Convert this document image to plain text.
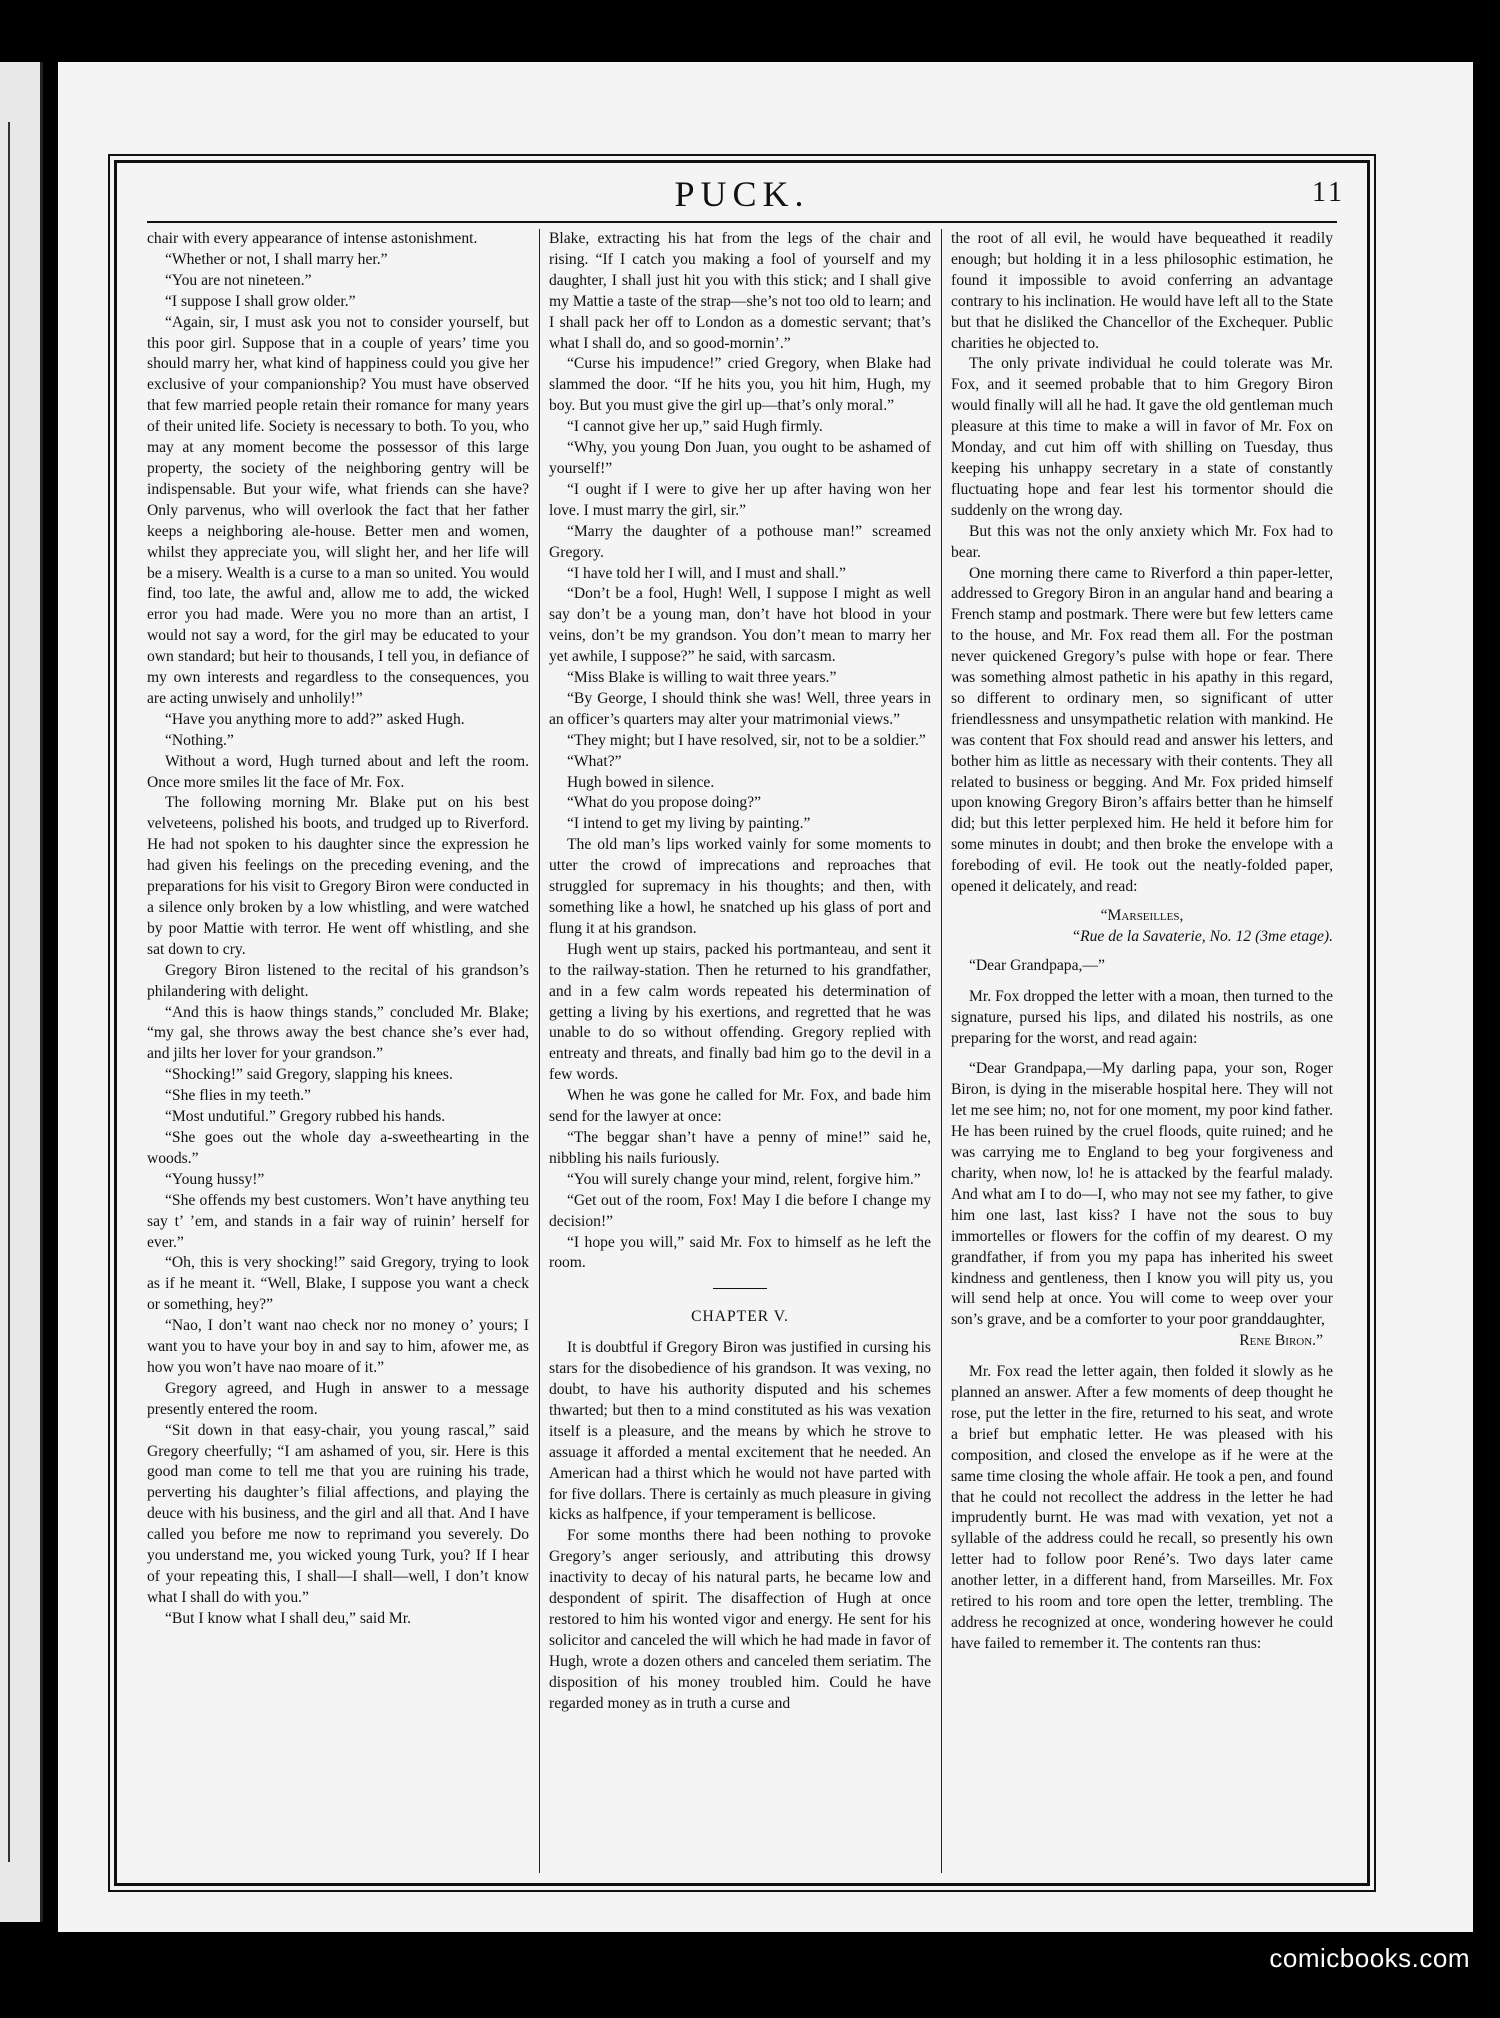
PUCK.	11

chair with every appearance of intense astonishment.

“Whether or not, I shall marry her.”

“You are not nineteen.”

“I suppose I shall grow older.”

“Again, sir, I must ask you not to consider yourself, but this poor girl. Suppose that in a couple of years’ time you should marry her, what kind of happiness could you give her exclusive of your companionship? You must have observed that few married people retain their romance for many years of their united life. Society is necessary to both. To you, who may at any moment become the possessor of this large property, the society of the neighboring gentry will be indispensable. But your wife, what friends can she have? Only parvenus, who will overlook the fact that her father keeps a neighboring ale-house. Better men and women, whilst they appreciate you, will slight her, and her life will be a misery. Wealth is a curse to a man so united. You would find, too late, the awful and, allow me to add, the wicked error you had made. Were you no more than an artist, I would not say a word, for the girl may be educated to your own standard; but heir to thousands, I tell you, in defiance of my own interests and regardless to the consequences, you are acting unwisely and unholily!”

“Have you anything more to add?” asked Hugh.

“Nothing.”

Without a word, Hugh turned about and left the room. Once more smiles lit the face of Mr. Fox.

The following morning Mr. Blake put on his best velveteens, polished his boots, and trudged up to Riverford. He had not spoken to his daughter since the expression he had given his feelings on the preceding evening, and the preparations for his visit to Gregory Biron were conducted in a silence only broken by a low whistling, and were watched by poor Mattie with terror. He went off whistling, and she sat down to cry.

Gregory Biron listened to the recital of his grandson’s philandering with delight.

“And this is haow things stands,” concluded Mr. Blake; “my gal, she throws away the best chance she’s ever had, and jilts her lover for your grandson.”

“Shocking!” said Gregory, slapping his knees.

“She flies in my teeth.”

“Most undutiful.” Gregory rubbed his hands.

“She goes out the whole day a-sweethearting in the woods.”

“Young hussy!”

“She offends my best customers. Won’t have anything teu say t’ ’em, and stands in a fair way of ruinin’ herself for ever.”

“Oh, this is very shocking!” said Gregory, trying to look as if he meant it. “Well, Blake, I suppose you want a check or something, hey?”

“Nao, I don’t want nao check nor no money o’ yours; I want you to have your boy in and say to him, afower me, as how you won’t have nao moare of it.”

Gregory agreed, and Hugh in answer to a message presently entered the room.

“Sit down in that easy-chair, you young rascal,” said Gregory cheerfully; “I am ashamed of you, sir. Here is this good man come to tell me that you are ruining his trade, perverting his daughter’s filial affections, and playing the deuce with his business, and the girl and all that. And I have called you before me now to reprimand you severely. Do you understand me, you wicked young Turk, you? If I hear of your repeating this, I shall—I shall—well, I don’t know what I shall do with you.”

“But I know what I shall deu,” said Mr.

Blake, extracting his hat from the legs of the chair and rising. “If I catch you making a fool of yourself and my daughter, I shall just hit you with this stick; and I shall give my Mattie a taste of the strap—she’s not too old to learn; and I shall pack her off to London as a domestic servant; that’s what I shall do, and so good-mornin’.”

“Curse his impudence!” cried Gregory, when Blake had slammed the door. “If he hits you, you hit him, Hugh, my boy. But you must give the girl up—that’s only moral.”

“I cannot give her up,” said Hugh firmly.

“Why, you young Don Juan, you ought to be ashamed of yourself!”

“I ought if I were to give her up after having won her love. I must marry the girl, sir.”

“Marry the daughter of a pothouse man!” screamed Gregory.

“I have told her I will, and I must and shall.”

“Don’t be a fool, Hugh! Well, I suppose I might as well say don’t be a young man, don’t have hot blood in your veins, don’t be my grandson. You don’t mean to marry her yet awhile, I suppose?” he said, with sarcasm.

“Miss Blake is willing to wait three years.”

“By George, I should think she was! Well, three years in an officer’s quarters may alter your matrimonial views.”

“They might; but I have resolved, sir, not to be a soldier.”

“What?”

Hugh bowed in silence.

“What do you propose doing?”

“I intend to get my living by painting.”

The old man’s lips worked vainly for some moments to utter the crowd of imprecations and reproaches that struggled for supremacy in his thoughts; and then, with something like a howl, he snatched up his glass of port and flung it at his grandson.

Hugh went up stairs, packed his portmanteau, and sent it to the railway-station. Then he returned to his grandfather, and in a few calm words repeated his determination of getting a living by his exertions, and regretted that he was unable to do so without offending. Gregory replied with entreaty and threats, and finally bad him go to the devil in a few words.

When he was gone he called for Mr. Fox, and bade him send for the lawyer at once:

“The beggar shan’t have a penny of mine!” said he, nibbling his nails furiously.

“You will surely change your mind, relent, forgive him.”

“Get out of the room, Fox! May I die before I change my decision!”

“I hope you will,” said Mr. Fox to himself as he left the room.

CHAPTER V.

It is doubtful if Gregory Biron was justified in cursing his stars for the disobedience of his grandson. It was vexing, no doubt, to have his authority disputed and his schemes thwarted; but then to a mind constituted as his was vexation itself is a pleasure, and the means by which he strove to assuage it afforded a mental excitement that he needed. An American had a thirst which he would not have parted with for five dollars. There is certainly as much pleasure in giving kicks as halfpence, if your temperament is bellicose.

For some months there had been nothing to provoke Gregory’s anger seriously, and attributing this drowsy inactivity to decay of his natural parts, he became low and despondent of spirit. The disaffection of Hugh at once restored to him his wonted vigor and energy. He sent for his solicitor and canceled the will which he had made in favor of Hugh, wrote a dozen others and canceled them seriatim. The disposition of his money troubled him. Could he have regarded money as in truth a curse and

the root of all evil, he would have bequeathed it readily enough; but holding it in a less philosophic estimation, he found it impossible to avoid conferring an advantage contrary to his inclination. He would have left all to the State but that he disliked the Chancellor of the Exchequer. Public charities he objected to.

The only private individual he could tolerate was Mr. Fox, and it seemed probable that to him Gregory Biron would finally will all he had. It gave the old gentleman much pleasure at this time to make a will in favor of Mr. Fox on Monday, and cut him off with shilling on Tuesday, thus keeping his unhappy secretary in a state of constantly fluctuating hope and fear lest his tormentor should die suddenly on the wrong day.

But this was not the only anxiety which Mr. Fox had to bear.

One morning there came to Riverford a thin paper-letter, addressed to Gregory Biron in an angular hand and bearing a French stamp and postmark. There were but few letters came to the house, and Mr. Fox read them all. For the postman never quickened Gregory’s pulse with hope or fear. There was something almost pathetic in his apathy in this regard, so different to ordinary men, so significant of utter friendlessness and unsympathetic relation with mankind. He was content that Fox should read and answer his letters, and bother him as little as necessary with their contents. They all related to business or begging. And Mr. Fox prided himself upon knowing Gregory Biron’s affairs better than he himself did; but this letter perplexed him. He held it before him for some minutes in doubt; and then broke the envelope with a foreboding of evil. He took out the neatly-folded paper, opened it delicately, and read:

“Marseilles,

“Rue de la Savaterie, No. 12 (3me etage).

“Dear Grandpapa,—”

Mr. Fox dropped the letter with a moan, then turned to the signature, pursed his lips, and dilated his nostrils, as one preparing for the worst, and read again:

“Dear Grandpapa,—My darling papa, your son, Roger Biron, is dying in the miserable hospital here. They will not let me see him; no, not for one moment, my poor kind father. He has been ruined by the cruel floods, quite ruined; and he was carrying me to England to beg your forgiveness and charity, when now, lo! he is attacked by the fearful malady. And what am I to do—I, who may not see my father, to give him one last, last kiss? I have not the sous to buy immortelles or flowers for the coffin of my dearest. O my grandfather, if from you my papa has inherited his sweet kindness and gentleness, then I know you will pity us, you will send help at once. You will come to weep over your son’s grave, and be a comforter to your poor granddaughter,

Rene Biron.”

Mr. Fox read the letter again, then folded it slowly as he planned an answer. After a few moments of deep thought he rose, put the letter in the fire, returned to his seat, and wrote a brief but emphatic letter. He was pleased with his composition, and closed the envelope as if he were at the same time closing the whole affair. He took a pen, and found that he could not recollect the address in the letter he had imprudently burnt. He was mad with vexation, yet not a syllable of the address could he recall, so presently his own letter had to follow poor René’s. Two days later came another letter, in a different hand, from Marseilles. Mr. Fox retired to his room and tore open the letter, trembling. The address he recognized at once, wondering however he could have failed to remember it. The contents ran thus:

comicbooks.com
